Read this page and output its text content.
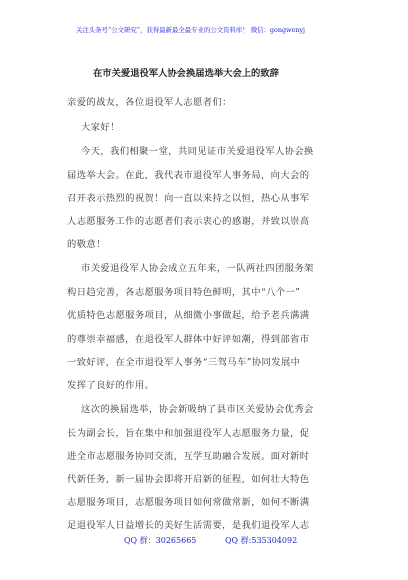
关注头条号“公文研究”，获得最新最全最专业的公文资料库！ 微信：gongwenyj
在市关爱退役军人协会换届选举大会上的致辞
亲爱的战友，各位退役军人志愿者们：
大家好！
今天，我们相聚一堂，共同见证市关爱退役军人协会换
届选举大会。在此，我代表市退役军人事务局，向大会的
召开表示热烈的祝贺！向一直以来持之以恒，热心从事军
人志愿服务工作的志愿者们表示衷心的感谢，并致以崇高
的敬意！
市关爱退役军人协会成立五年来，一队两社四团服务架
构日趋完善，各志愿服务项目特色鲜明，其中“八个一”
优质特色志愿服务项目，从细微小事做起，给予老兵满满
的尊崇幸福感，在退役军人群体中好评如潮，得到部省市
一致好评，在全市退役军人事务“三驾马车”协同发展中
发挥了良好的作用。
这次的换届选举，协会新吸纳了县市区关爱协会优秀会
长为副会长，旨在集中和加强退役军人志愿服务力量，促
进全市志愿服务协同交流，互学互助融合发展。面对新时
代新任务，新一届协会即将开启新的征程，如何壮大特色
志愿服务项目，志愿服务项目如何常做常新，如何不断满
足退役军人日益增长的美好生活需要，是我们退役军人志
QQ 群：30265665	QQ 群:535304092
